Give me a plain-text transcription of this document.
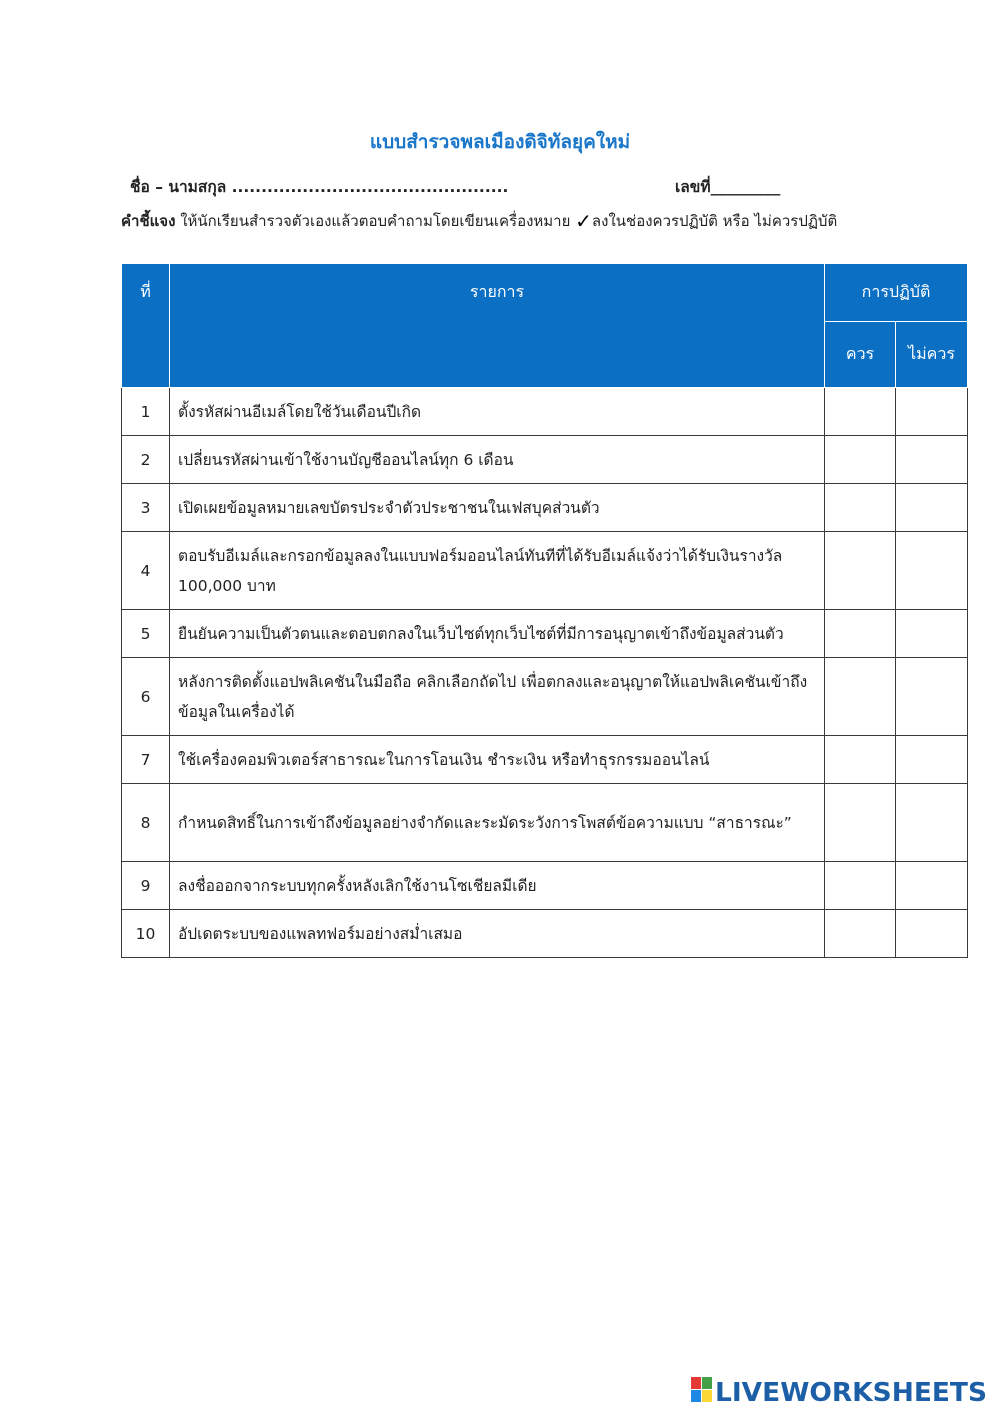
แบบสำรวจพลเมืองดิจิทัลยุคใหม่
ชื่อ – นามสกุล ...............................................	เลขที่_________
คำชี้แจง ให้นักเรียนสำรวจตัวเองแล้วตอบคำถามโดยเขียนเครื่องหมาย ✓ลงในช่องควรปฏิบัติ หรือ ไม่ควรปฏิบัติ
ที่	รายการ	การปฏิบัติ	
		ควร	ไม่ควร
1	ตั้งรหัสผ่านอีเมล์โดยใช้วันเดือนปีเกิด		
2	เปลี่ยนรหัสผ่านเข้าใช้งานบัญชีออนไลน์ทุก 6 เดือน		
3	เปิดเผยข้อมูลหมายเลขบัตรประจำตัวประชาชนในเฟสบุคส่วนตัว		
4	ตอบรับอีเมล์และกรอกข้อมูลลงในแบบฟอร์มออนไลน์ทันทีที่ได้รับอีเมล์แจ้งว่าได้รับเงินรางวัล 100,000 บาท		
5	ยืนยันความเป็นตัวตนและตอบตกลงในเว็บไซต์ทุกเว็บไซต์ที่มีการอนุญาตเข้าถึงข้อมูลส่วนตัว		
6	หลังการติดตั้งแอปพลิเคชันในมือถือ คลิกเลือกถัดไป เพื่อตกลงและอนุญาตให้แอปพลิเคชันเข้าถึงข้อมูลในเครื่องได้		
7	ใช้เครื่องคอมพิวเตอร์สาธารณะในการโอนเงิน ชำระเงิน หรือทำธุรกรรมออนไลน์		
8	กำหนดสิทธิ์ในการเข้าถึงข้อมูลอย่างจำกัดและระมัดระวังการโพสต์ข้อความแบบ “สาธารณะ”		
9	ลงชื่อออกจากระบบทุกครั้งหลังเลิกใช้งานโซเชียลมีเดีย		
10	อัปเดตระบบของแพลทฟอร์มอย่างสม่ำเสมอ		
LIVEWORKSHEETS
